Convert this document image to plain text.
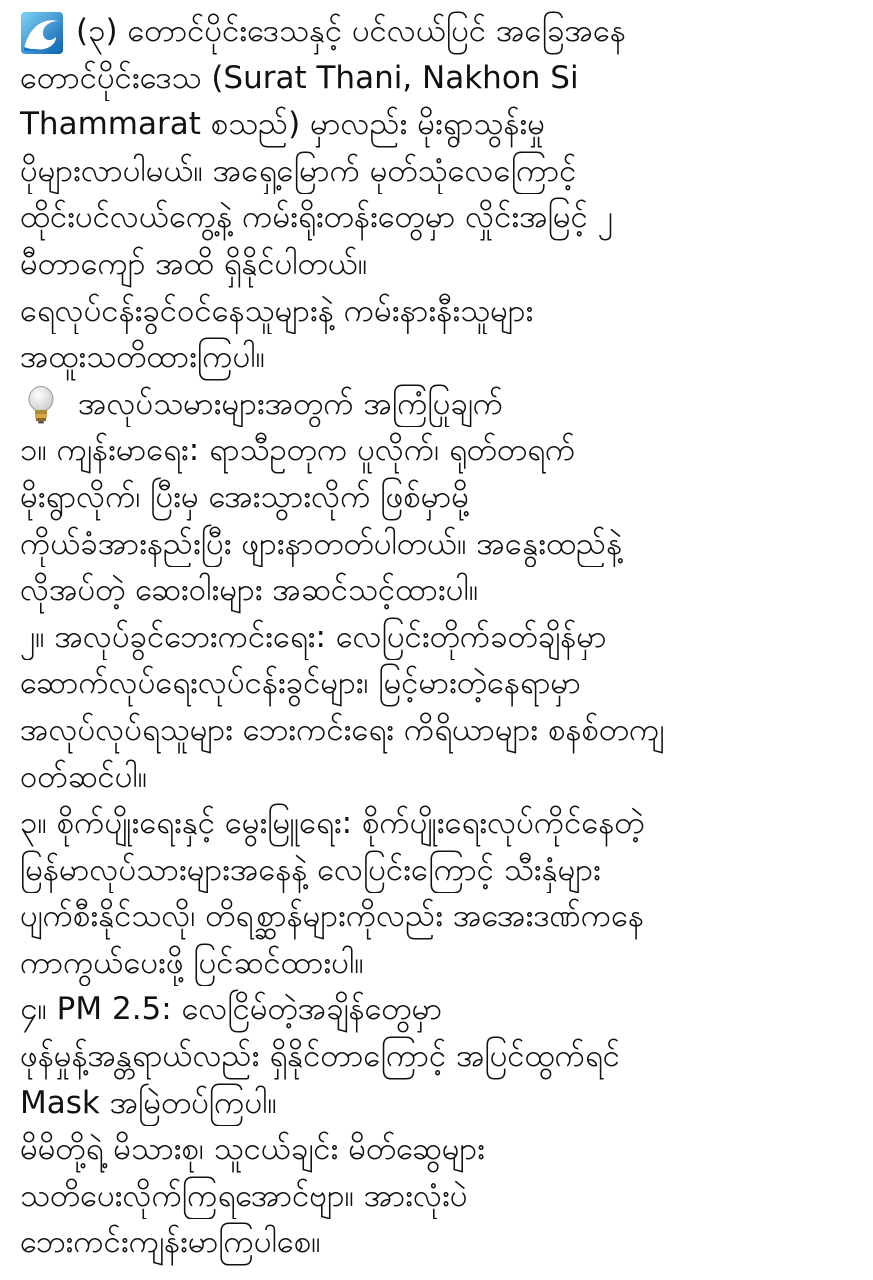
(၃) တောင်ပိုင်းဒေသနှင့် ပင်လယ်ပြင် အခြေအနေ
တောင်ပိုင်းဒေသ (Surat Thani, Nakhon Si
Thammarat စသည်) မှာလည်း မိုးရွာသွန်းမှု
ပိုများလာပါမယ်။ အရှေ့မြောက် မုတ်သုံလေကြောင့်
ထိုင်းပင်လယ်ကွေ့နဲ့ ကမ်းရိုးတန်းတွေမှာ လှိုင်းအမြင့် ၂
မီတာကျော် အထိ ရှိနိုင်ပါတယ်။
ရေလုပ်ငန်းခွင်ဝင်နေသူများနဲ့ ကမ်းနားနီးသူများ
အထူးသတိထားကြပါ။
အလုပ်သမားများအတွက် အကြံပြုချက်
၁။ ကျန်းမာရေး: ရာသီဥတုက ပူလိုက်၊ ရုတ်တရက်
မိုးရွာလိုက်၊ ပြီးမှ အေးသွားလိုက် ဖြစ်မှာမို့
ကိုယ်ခံအားနည်းပြီး ဖျားနာတတ်ပါတယ်။ အနွေးထည်နဲ့
လိုအပ်တဲ့ ဆေးဝါးများ အဆင်သင့်ထားပါ။
၂။ အလုပ်ခွင်ဘေးကင်းရေး: လေပြင်းတိုက်ခတ်ချိန်မှာ
ဆောက်လုပ်ရေးလုပ်ငန်းခွင်များ၊ မြင့်မားတဲ့နေရာမှာ
အလုပ်လုပ်ရသူများ ဘေးကင်းရေး ကိရိယာများ စနစ်တကျ
ဝတ်ဆင်ပါ။
၃။ စိုက်ပျိုးရေးနှင့် မွေးမြူရေး: စိုက်ပျိုးရေးလုပ်ကိုင်နေတဲ့
မြန်မာလုပ်သားများအနေနဲ့ လေပြင်းကြောင့် သီးနှံများ
ပျက်စီးနိုင်သလို၊ တိရစ္ဆာန်များကိုလည်း အအေးဒဏ်ကနေ
ကာကွယ်ပေးဖို့ ပြင်ဆင်ထားပါ။
၄။ PM 2.5: လေငြိမ်တဲ့အချိန်တွေမှာ
ဖုန်မှုန့်အန္တရာယ်လည်း ရှိနိုင်တာကြောင့် အပြင်ထွက်ရင်
Mask အမြဲတပ်ကြပါ။
မိမိတို့ရဲ့ မိသားစု၊ သူငယ်ချင်း မိတ်ဆွေများ
သတိပေးလိုက်ကြရအောင်ဗျာ။ အားလုံးပဲ
ဘေးကင်းကျန်းမာကြပါစေ။
